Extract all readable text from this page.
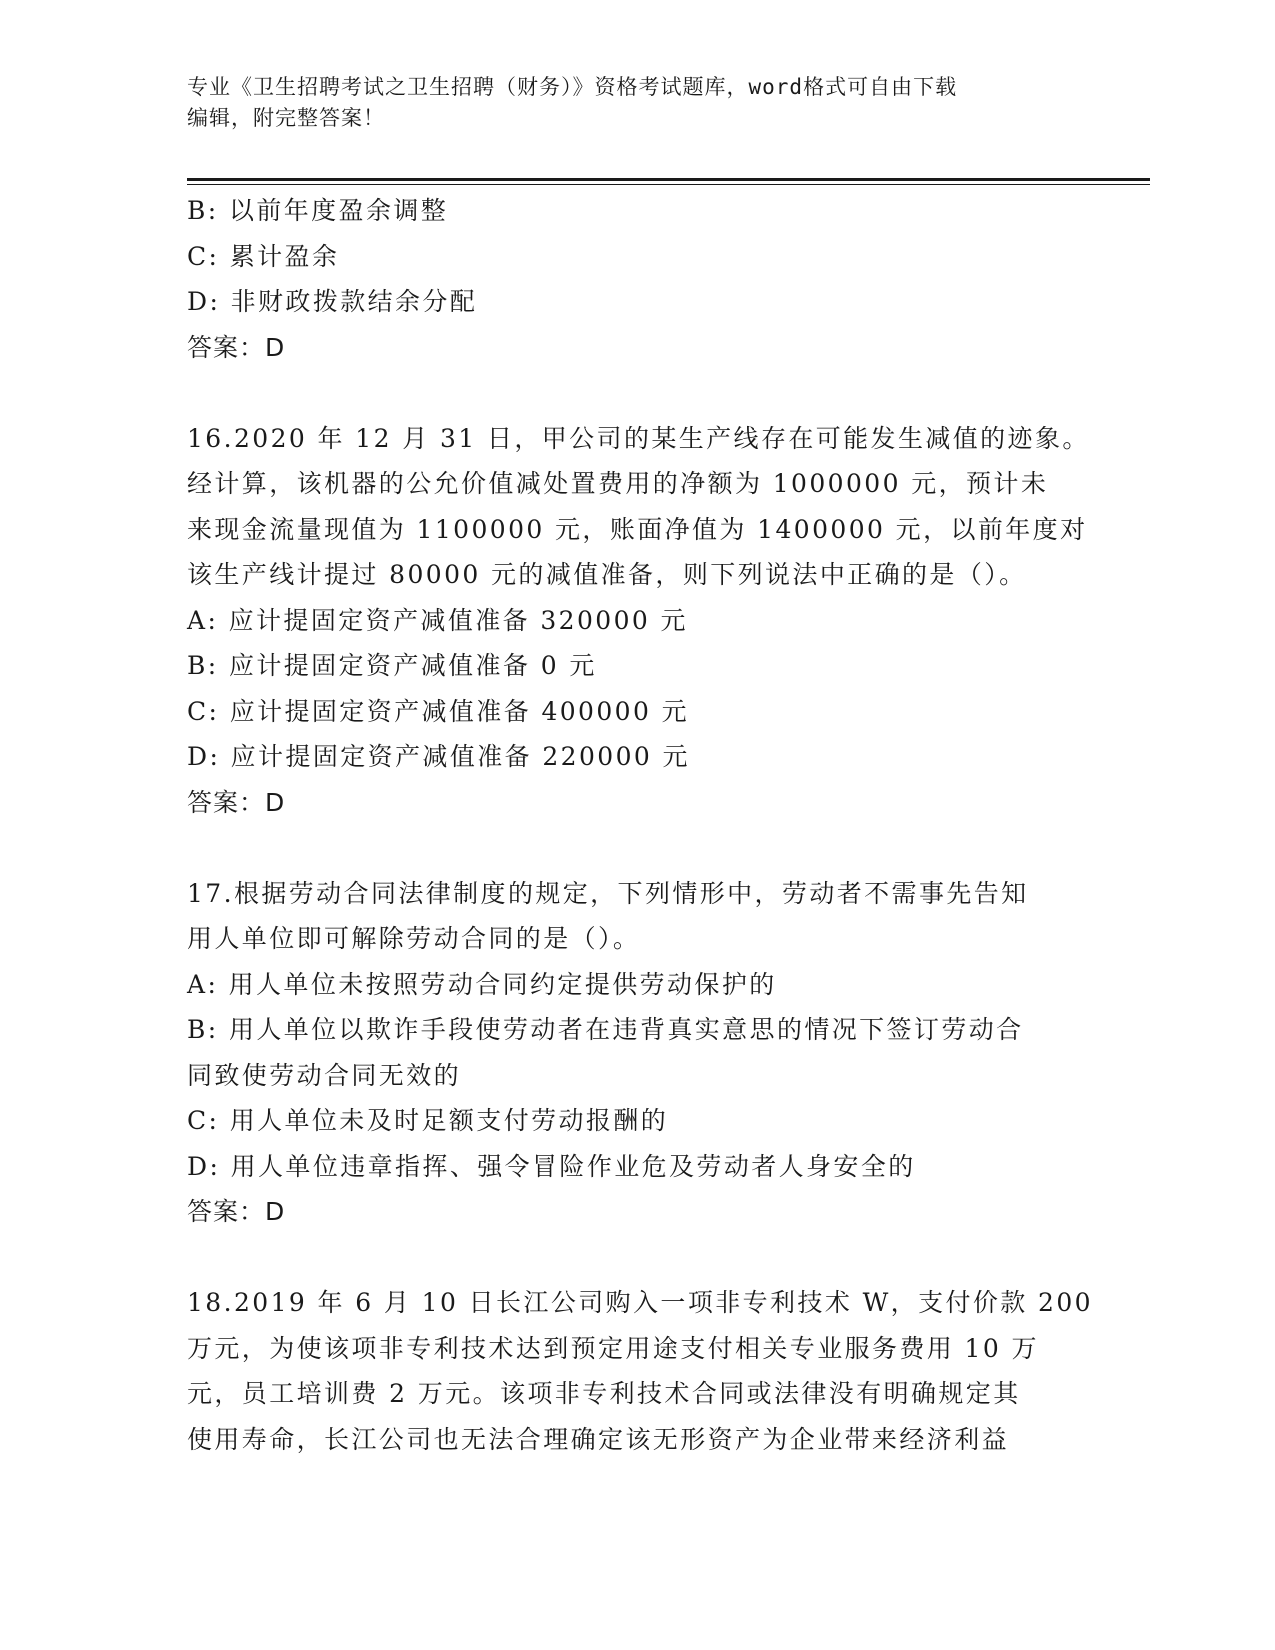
专业《卫生招聘考试之卫生招聘（财务）》资格考试题库，word格式可自由下载
编辑，附完整答案！
B: 以前年度盈余调整
C: 累计盈余
D: 非财政拨款结余分配
答案：D
16.2020 年 12 月 31 日，甲公司的某生产线存在可能发生减值的迹象。
经计算，该机器的公允价值减处置费用的净额为 1000000 元，预计未
来现金流量现值为 1100000 元，账面净值为 1400000 元，以前年度对
该生产线计提过 80000 元的减值准备，则下列说法中正确的是（）。
A: 应计提固定资产减值准备 320000 元
B: 应计提固定资产减值准备 0 元
C: 应计提固定资产减值准备 400000 元
D: 应计提固定资产减值准备 220000 元
答案：D
17.根据劳动合同法律制度的规定，下列情形中，劳动者不需事先告知
用人单位即可解除劳动合同的是（）。
A: 用人单位未按照劳动合同约定提供劳动保护的
B: 用人单位以欺诈手段使劳动者在违背真实意思的情况下签订劳动合
同致使劳动合同无效的
C: 用人单位未及时足额支付劳动报酬的
D: 用人单位违章指挥、强令冒险作业危及劳动者人身安全的
答案：D
18.2019 年 6 月 10 日长江公司购入一项非专利技术 W，支付价款 200
万元，为使该项非专利技术达到预定用途支付相关专业服务费用 10 万
元，员工培训费 2 万元。该项非专利技术合同或法律没有明确规定其
使用寿命，长江公司也无法合理确定该无形资产为企业带来经济利益
